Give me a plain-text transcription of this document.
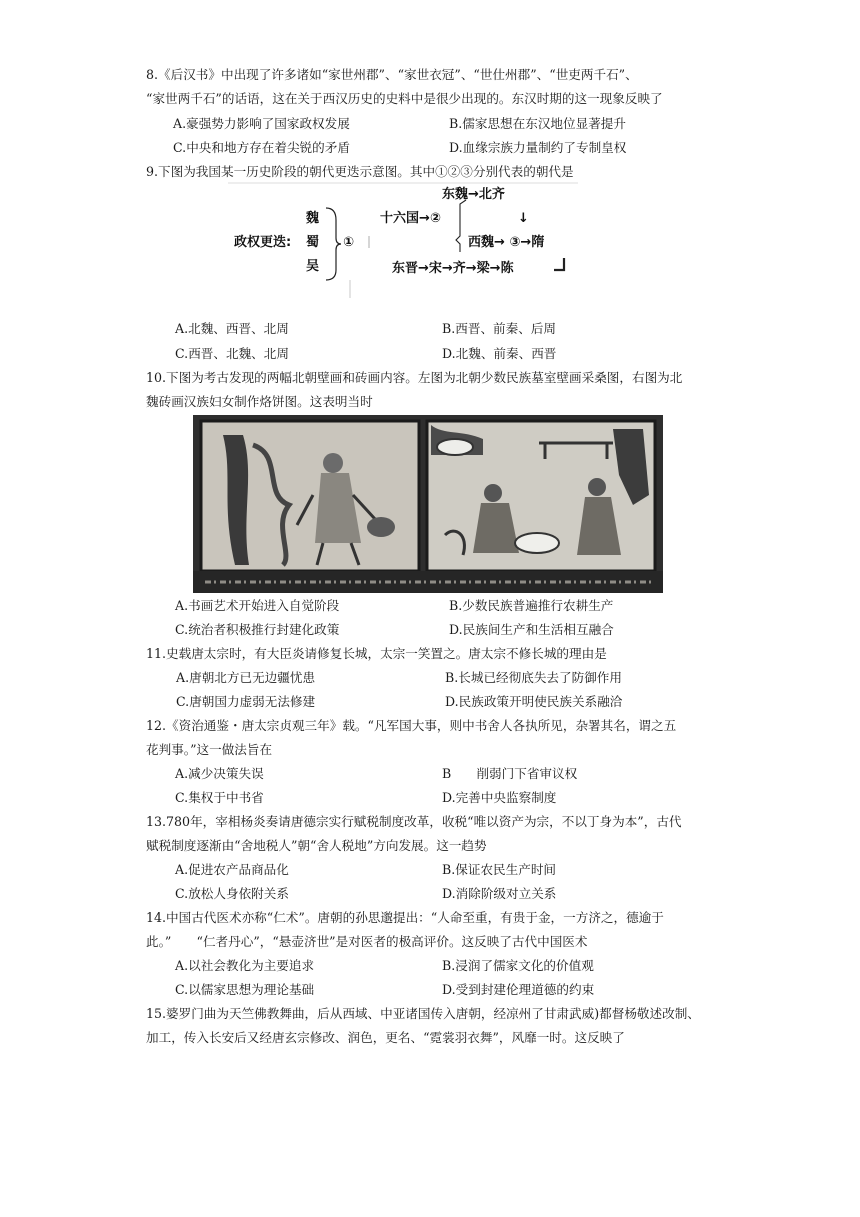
8.《后汉书》中出现了许多诸如“家世州郡”、“家世衣冠”、“世仕州郡”、“世吏两千石”、
“家世两千石”的话语，这在关于西汉历史的史料中是很少出现的。东汉时期的这一现象反映了
A.豪强势力影响了国家政权发展	B.儒家思想在东汉地位显著提升
C.中央和地方存在着尖锐的矛盾	D.血缘宗族力量制约了专制皇权
9.下图为我国某一历史阶段的朝代更迭示意图。其中①②③分别代表的朝代是
政权更迭:
魏
蜀
吴
①
东魏→北齐
十六国→②	↓
西魏→ ③→隋
东晋→宋→齐→梁→陈
A.北魏、西晋、北周	B.西晋、前秦、后周
C.西晋、北魏、北周	D.北魏、前秦、西晋
10.下图为考古发现的两幅北朝壁画和砖画内容。左图为北朝少数民族墓室壁画采桑图，右图为北
魏砖画汉族妇女制作烙饼图。这表明当时
A.书画艺术开始进入自觉阶段	B.少数民族普遍推行农耕生产
C.统治者积极推行封建化政策	D.民族间生产和生活相互融合
11.史载唐太宗时，有大臣炎请修复长城，太宗一笑置之。唐太宗不修长城的理由是
A.唐朝北方已无边疆忧患	B.长城已经彻底失去了防御作用
C.唐朝国力虚弱无法修建	D.民族政策开明使民族关系融洽
12.《资治通鉴・唐太宗贞观三年》载。“凡军国大事，则中书舍人各执所见，杂署其名，谓之五
花判事。”这一做法旨在
A.减少决策失误	B　　削弱门下省审议权
C.集权于中书省	D.完善中央监察制度
13.780年，宰相杨炎奏请唐德宗实行赋税制度改革，收税“唯以资产为宗，不以丁身为本”，古代
赋税制度逐渐由“舍地税人”朝“舍人税地”方向发展。这一趋势
A.促进农产品商品化	B.保证农民生产时间
C.放松人身依附关系	D.消除阶级对立关系
14.中国古代医术亦称“仁术”。唐朝的孙思邈提出：“人命至重，有贵于金，一方济之，德逾于
此。”　　“仁者丹心”，“悬壶济世”是对医者的极高评价。这反映了古代中国医术
A.以社会教化为主要追求	B.浸润了儒家文化的价值观
C.以儒家思想为理论基础	D.受到封建伦理道德的约束
15.婆罗门曲为天竺佛教舞曲，后从西域、中亚诸国传入唐朝，经凉州了甘肃武威)都督杨敬述改制、
加工，传入长安后又经唐玄宗修改、润色，更名、“霓裳羽衣舞”，风靡一时。这反映了
